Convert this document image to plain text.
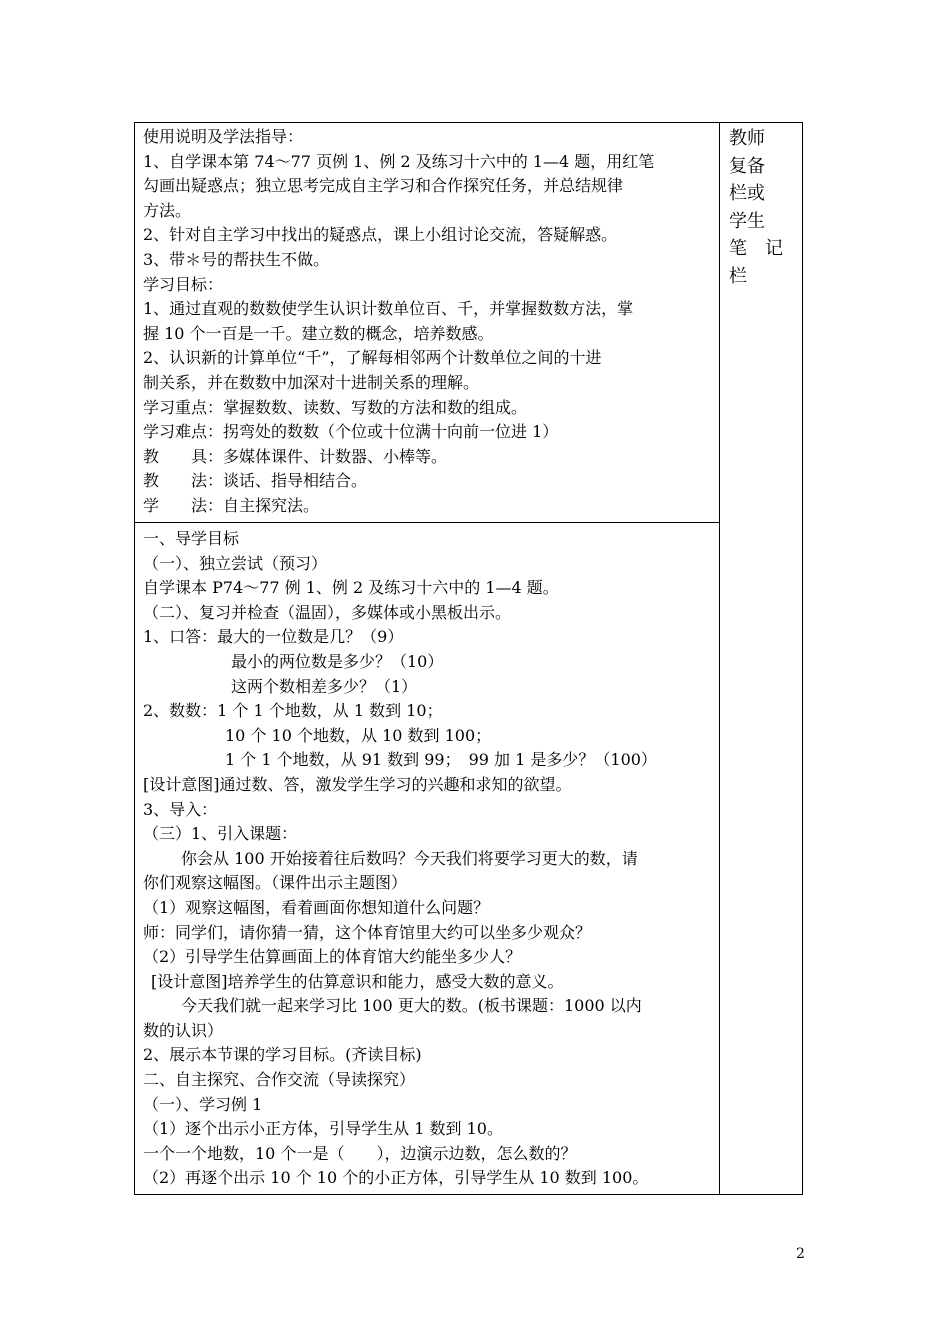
使用说明及学法指导：
1、自学课本第 74～77 页例 1、例 2 及练习十六中的 1—4 题，用红笔
勾画出疑惑点；独立思考完成自主学习和合作探究任务，并总结规律
方法。
2、针对自主学习中找出的疑惑点，课上小组讨论交流，答疑解惑。
3、带＊号的帮扶生不做。
学习目标：
1、通过直观的数数使学生认识计数单位百、千，并掌握数数方法，掌
握 10 个一百是一千。建立数的概念，培养数感。
2、认识新的计算单位“千”，了解每相邻两个计数单位之间的十进
制关系，并在数数中加深对十进制关系的理解。
学习重点：掌握数数、读数、写数的方法和数的组成。
学习难点：拐弯处的数数（个位或十位满十向前一位进 1）
教　　具：多媒体课件、计数器、小棒等。
教　　法：谈话、指导相结合。
学　　法：自主探究法。
一、导学目标
（一）、独立尝试（预习）
自学课本 P74～77 例 1、例 2 及练习十六中的 1—4 题。
（二）、复习并检查（温固），多媒体或小黑板出示。
1、口答：最大的一位数是几？（9）
最小的两位数是多少？（10）
这两个数相差多少？（1）
2、数数：1 个 1 个地数，从 1 数到 10；
10 个 10 个地数，从 10 数到 100；
1 个 1 个地数，从 91 数到 99；　99 加 1 是多少？（100）
[设计意图]通过数、答，激发学生学习的兴趣和求知的欲望。
3、导入：
（三）1、引入课题：
你会从 100 开始接着往后数吗？今天我们将要学习更大的数，请
你们观察这幅图。（课件出示主题图）
（1）观察这幅图，看着画面你想知道什么问题？
师：同学们，请你猜一猜，这个体育馆里大约可以坐多少观众？
（2）引导学生估算画面上的体育馆大约能坐多少人？
[设计意图]培养学生的估算意识和能力，感受大数的意义。
今天我们就一起来学习比 100 更大的数。(板书课题：1000 以内
数的认识）
2、展示本节课的学习目标。(齐读目标)
二、自主探究、合作交流（导读探究）
（一）、学习例 1
（1）逐个出示小正方体，引导学生从 1 数到 10。
一个一个地数，10 个一是（　　），边演示边数，怎么数的？
（2）再逐个出示 10 个 10 个的小正方体，引导学生从 10 数到 100。
教师
复备
栏或
学生
笔　记
栏
2
